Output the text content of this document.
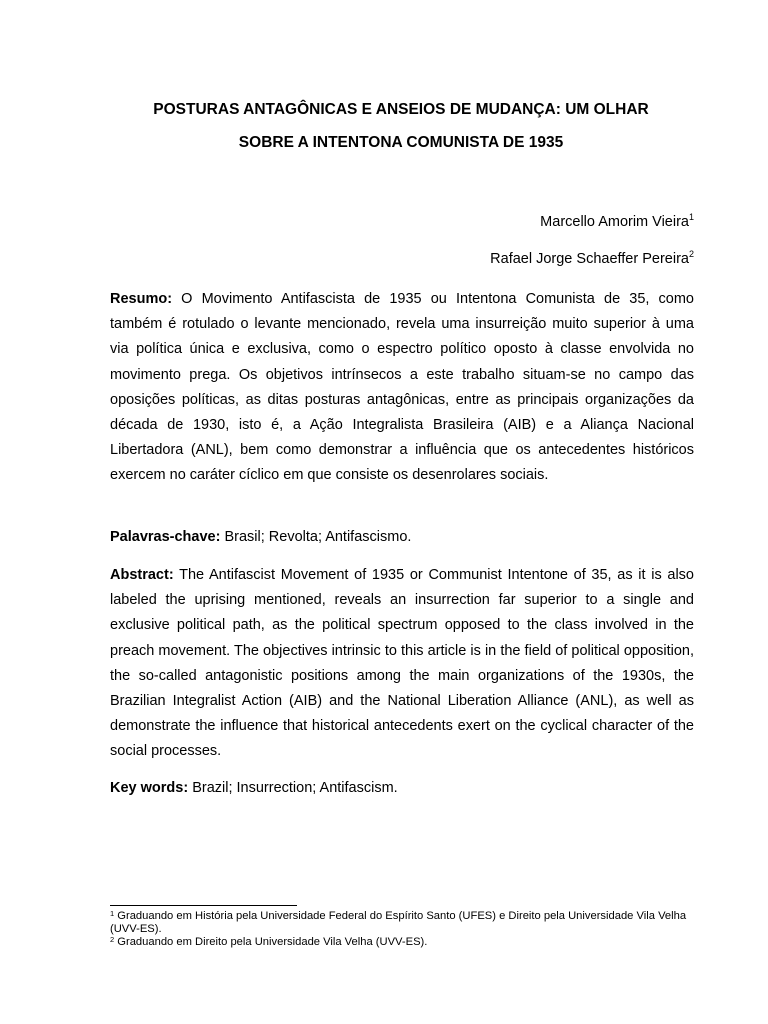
POSTURAS ANTAGÔNICAS E ANSEIOS DE MUDANÇA: UM OLHAR
SOBRE A INTENTONA COMUNISTA DE 1935
Marcello Amorim Vieira$^1$
Rafael Jorge Schaeffer Pereira$^2$

Resumo: O Movimento Antifascista de 1935 ou Intentona Comunista de 35, como também é rotulado o levante mencionado, revela uma insurreição muito superior à uma via política única e exclusiva, como o espectro político oposto à classe envolvida no movimento prega. Os objetivos intrínsecos a este trabalho situam-se no campo das oposições políticas, as ditas posturas antagônicas, entre as principais organizações da década de 1930, isto é, a Ação Integralista Brasileira (AIB) e a Aliança Nacional Libertadora (ANL), bem como demonstrar a influência que os antecedentes históricos exercem no caráter cíclico em que consiste os desenrolares sociais.

Palavras-chave: Brasil; Revolta; Antifascismo.

Abstract: The Antifascist Movement of 1935 or Communist Intentone of 35, as it is also labeled the uprising mentioned, reveals an insurrection far superior to a single and exclusive political path, as the political spectrum opposed to the class involved in the preach movement. The objectives intrinsic to this article is in the field of political opposition, the so-called antagonistic positions among the main organizations of the 1930s, the Brazilian Integralist Action (AIB) and the National Liberation Alliance (ANL), as well as demonstrate the influence that historical antecedents exert on the cyclical character of the social processes.

Key words: Brazil; Insurrection; Antifascism.

$^1$ Graduando em História pela Universidade Federal do Espírito Santo (UFES) e Direito pela Universidade Vila Velha (UVV-ES).

$^2$ Graduando em Direito pela Universidade Vila Velha (UVV-ES).
